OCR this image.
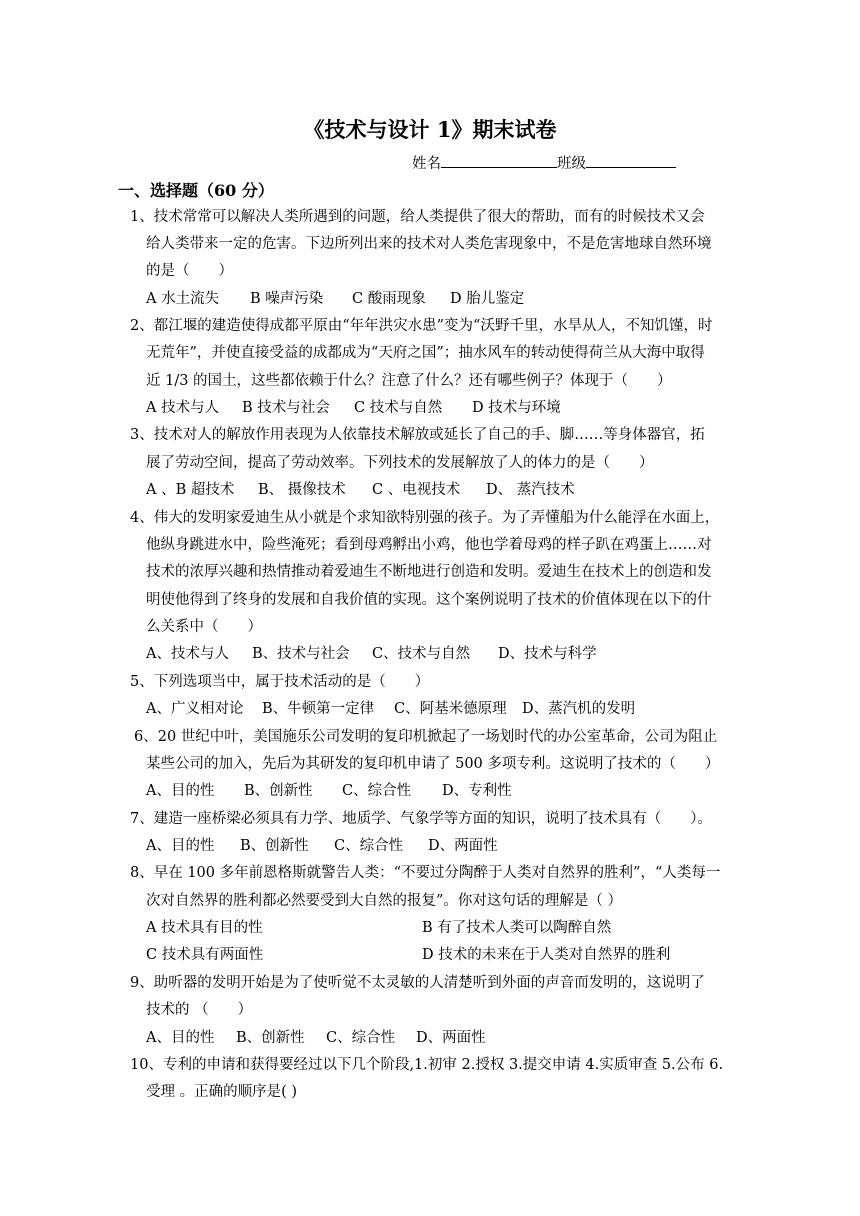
《技术与设计 1》期末试卷
姓名	班级
一、选择题（60 分）
1、技术常常可以解决人类所遇到的问题，给人类提供了很大的帮助，而有的时候技术又会
给人类带来一定的危害。下边所列出来的技术对人类危害现象中，不是危害地球自然环境
的是（　　）
A 水土流失 B 噪声污染 C 酸雨现象 D 胎儿鉴定
2、都江堰的建造使得成都平原由“年年洪灾水患”变为“沃野千里，水旱从人，不知饥馑，时
无荒年”，并使直接受益的成都成为“天府之国”；抽水风车的转动使得荷兰从大海中取得
近 1/3 的国土，这些都依赖于什么？注意了什么？还有哪些例子？体现于（　　）
A 技术与人 B 技术与社会 C 技术与自然 D 技术与环境
3、技术对人的解放作用表现为人依靠技术解放或延长了自己的手、脚……等身体器官，拓
展了劳动空间，提高了劳动效率。下列技术的发展解放了人的体力的是（　　）
A 、B 超技术 B、 摄像技术 C 、电视技术 D、 蒸汽技术
4、伟大的发明家爱迪生从小就是个求知欲特别强的孩子。为了弄懂船为什么能浮在水面上，
他纵身跳进水中，险些淹死；看到母鸡孵出小鸡，他也学着母鸡的样子趴在鸡蛋上……对
技术的浓厚兴趣和热情推动着爱迪生不断地进行创造和发明。爱迪生在技术上的创造和发
明使他得到了终身的发展和自我价值的实现。这个案例说明了技术的价值体现在以下的什
么关系中（　　）
A、技术与人 B、技术与社会 C、技术与自然 D、技术与科学
5、下列选项当中，属于技术活动的是（　　）
A、广义相对论 B、牛顿第一定律 C、阿基米德原理 D、蒸汽机的发明
6、20 世纪中叶，美国施乐公司发明的复印机掀起了一场划时代的办公室革命，公司为阻止
某些公司的加入，先后为其研发的复印机申请了 500 多项专利。这说明了技术的（　　）
A、目的性 B、创新性 C、综合性 D、专利性
7、建造一座桥梁必须具有力学、地质学、气象学等方面的知识，说明了技术具有（　　）。
A、目的性 B、创新性 C、综合性 D、两面性
8、早在 100 多年前恩格斯就警告人类：“不要过分陶醉于人类对自然界的胜利”，“人类每一
次对自然界的胜利都必然要受到大自然的报复”。你对这句话的理解是（ ）
A 技术具有目的性	B 有了技术人类可以陶醉自然
C 技术具有两面性	D 技术的未来在于人类对自然界的胜利
9、助听器的发明开始是为了使听觉不太灵敏的人清楚听到外面的声音而发明的，这说明了
技术的 （　　）
A、目的性 B、创新性 C、综合性 D、两面性
10、专利的申请和获得要经过以下几个阶段,1.初审 2.授权 3.提交申请 4.实质审查 5.公布 6.
受理 。正确的顺序是( )
